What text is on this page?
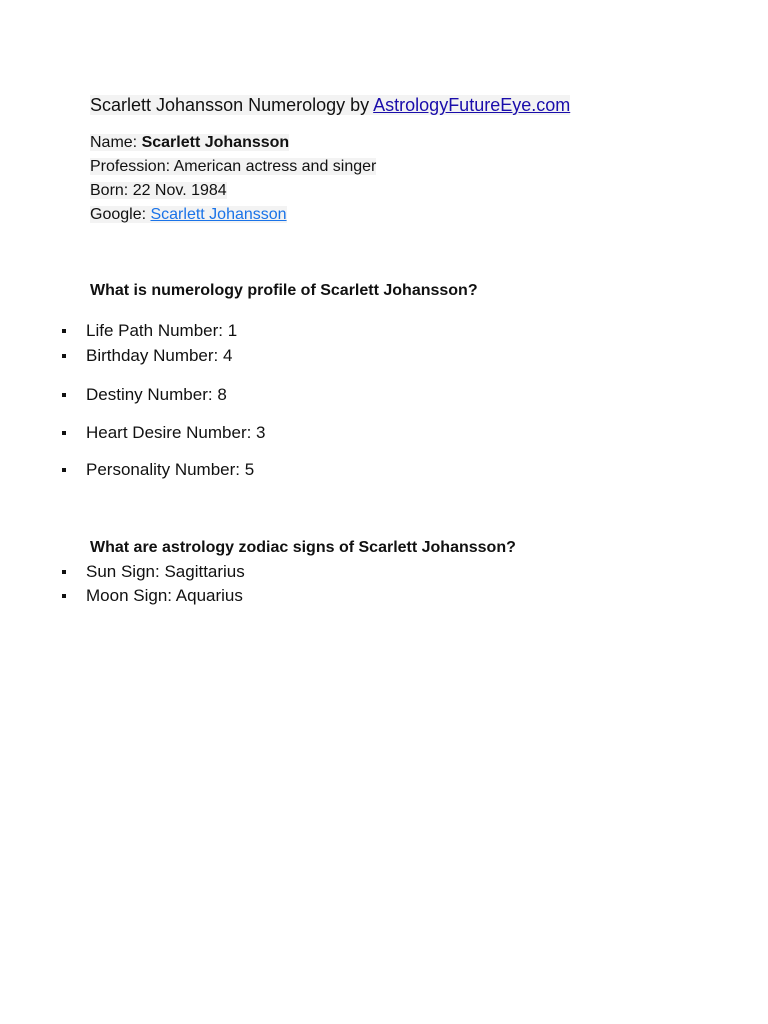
Scarlett Johansson Numerology by AstrologyFutureEye.com
Name: Scarlett Johansson
Profession: American actress and singer
Born: 22 Nov. 1984
Google: Scarlett Johansson
What is numerology profile of Scarlett Johansson?
Life Path Number: 1
Birthday Number: 4
Destiny Number: 8
Heart Desire Number: 3
Personality Number: 5
What are astrology zodiac signs of Scarlett Johansson?
Sun Sign: Sagittarius
Moon Sign: Aquarius
